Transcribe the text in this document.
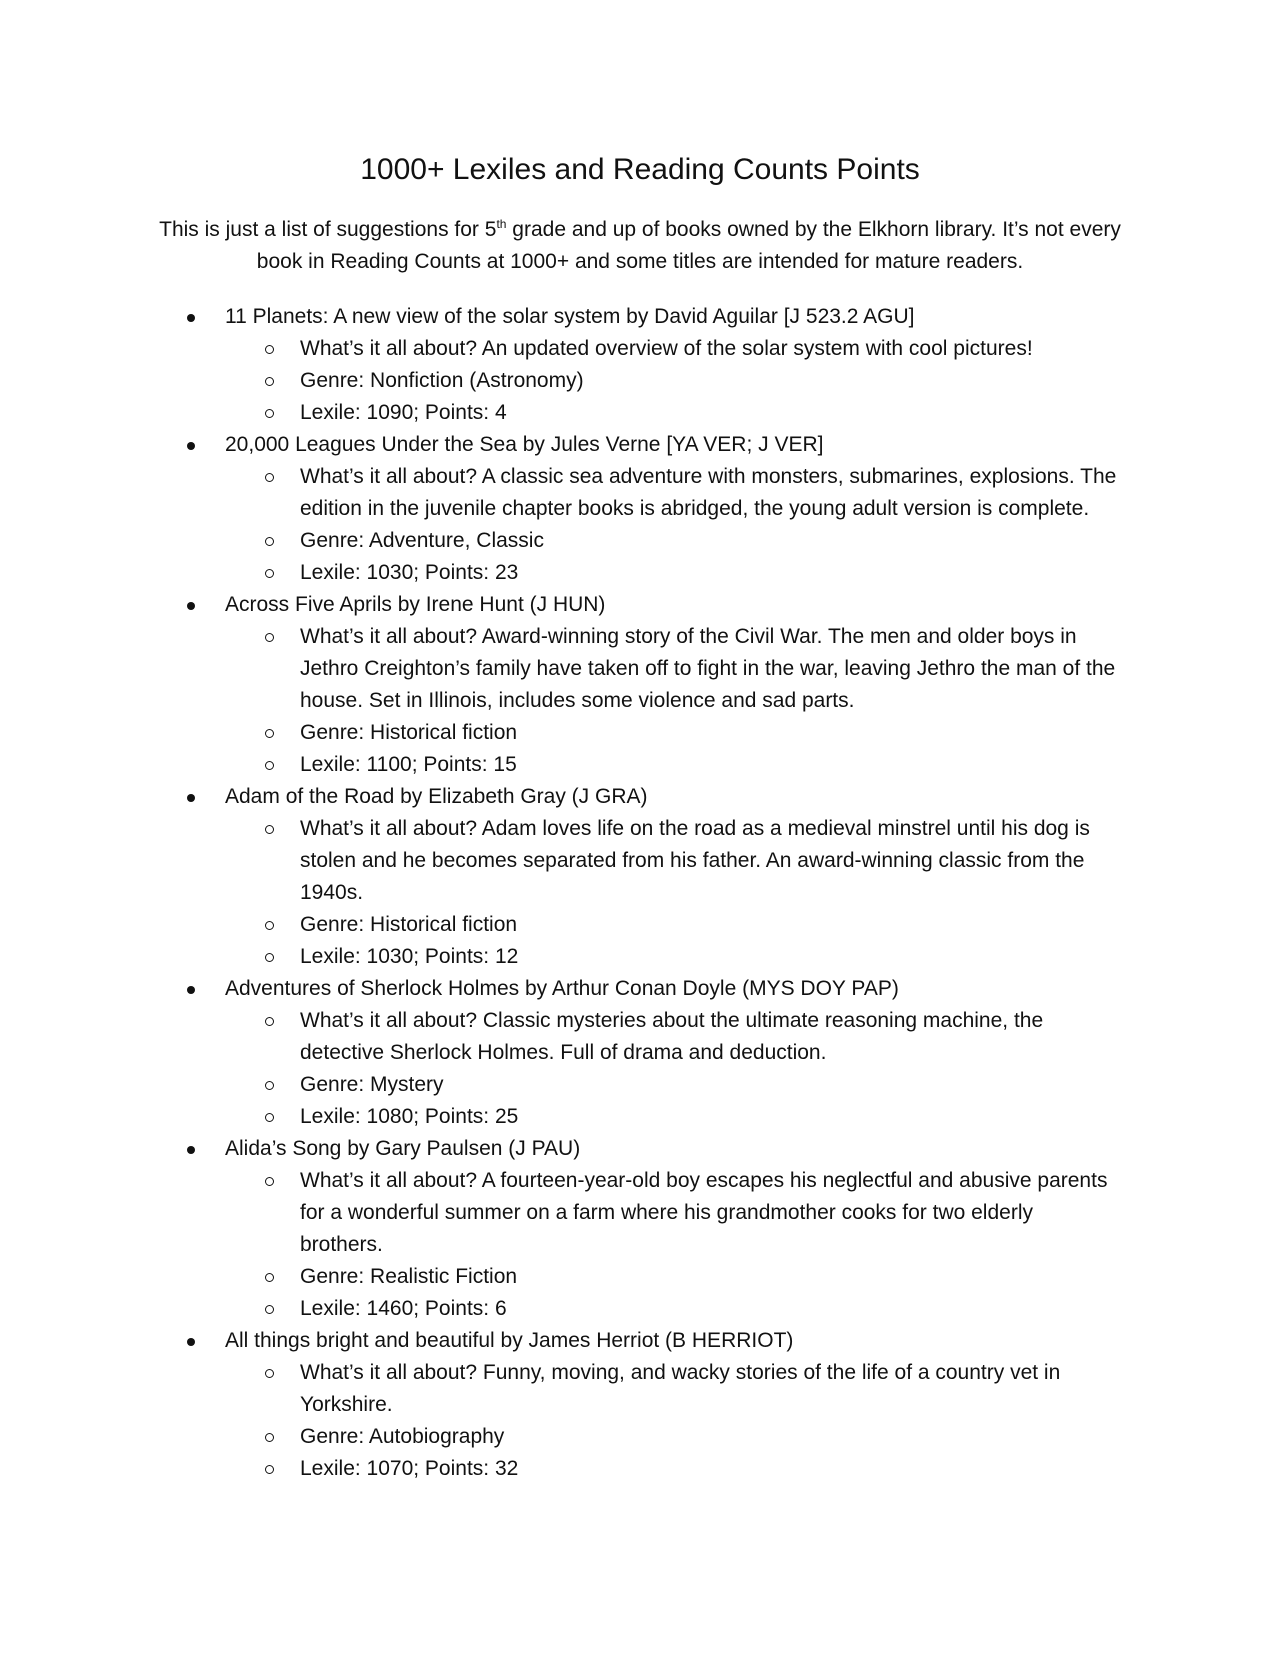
1000+ Lexiles and Reading Counts Points

This is just a list of suggestions for 5th grade and up of books owned by the Elkhorn library. It’s not every book in Reading Counts at 1000+ and some titles are intended for mature readers.

11 Planets: A new view of the solar system by David Aguilar [J 523.2 AGU]
What’s it all about? An updated overview of the solar system with cool pictures!
Genre: Nonfiction (Astronomy)
Lexile: 1090; Points: 4
20,000 Leagues Under the Sea by Jules Verne [YA VER; J VER]
What’s it all about? A classic sea adventure with monsters, submarines, explosions. The edition in the juvenile chapter books is abridged, the young adult version is complete.
Genre: Adventure, Classic
Lexile: 1030; Points: 23
Across Five Aprils by Irene Hunt (J HUN)
What’s it all about? Award-winning story of the Civil War. The men and older boys in Jethro Creighton’s family have taken off to fight in the war, leaving Jethro the man of the house. Set in Illinois, includes some violence and sad parts.
Genre: Historical fiction
Lexile: 1100; Points: 15
Adam of the Road by Elizabeth Gray (J GRA)
What’s it all about? Adam loves life on the road as a medieval minstrel until his dog is stolen and he becomes separated from his father. An award-winning classic from the 1940s.
Genre: Historical fiction
Lexile: 1030; Points: 12
Adventures of Sherlock Holmes by Arthur Conan Doyle (MYS DOY PAP)
What’s it all about? Classic mysteries about the ultimate reasoning machine, the detective Sherlock Holmes. Full of drama and deduction.
Genre: Mystery
Lexile: 1080; Points: 25
Alida’s Song by Gary Paulsen (J PAU)
What’s it all about? A fourteen-year-old boy escapes his neglectful and abusive parents for a wonderful summer on a farm where his grandmother cooks for two elderly brothers.
Genre: Realistic Fiction
Lexile: 1460; Points: 6
All things bright and beautiful by James Herriot (B HERRIOT)
What’s it all about? Funny, moving, and wacky stories of the life of a country vet in Yorkshire.
Genre: Autobiography
Lexile: 1070; Points: 32
